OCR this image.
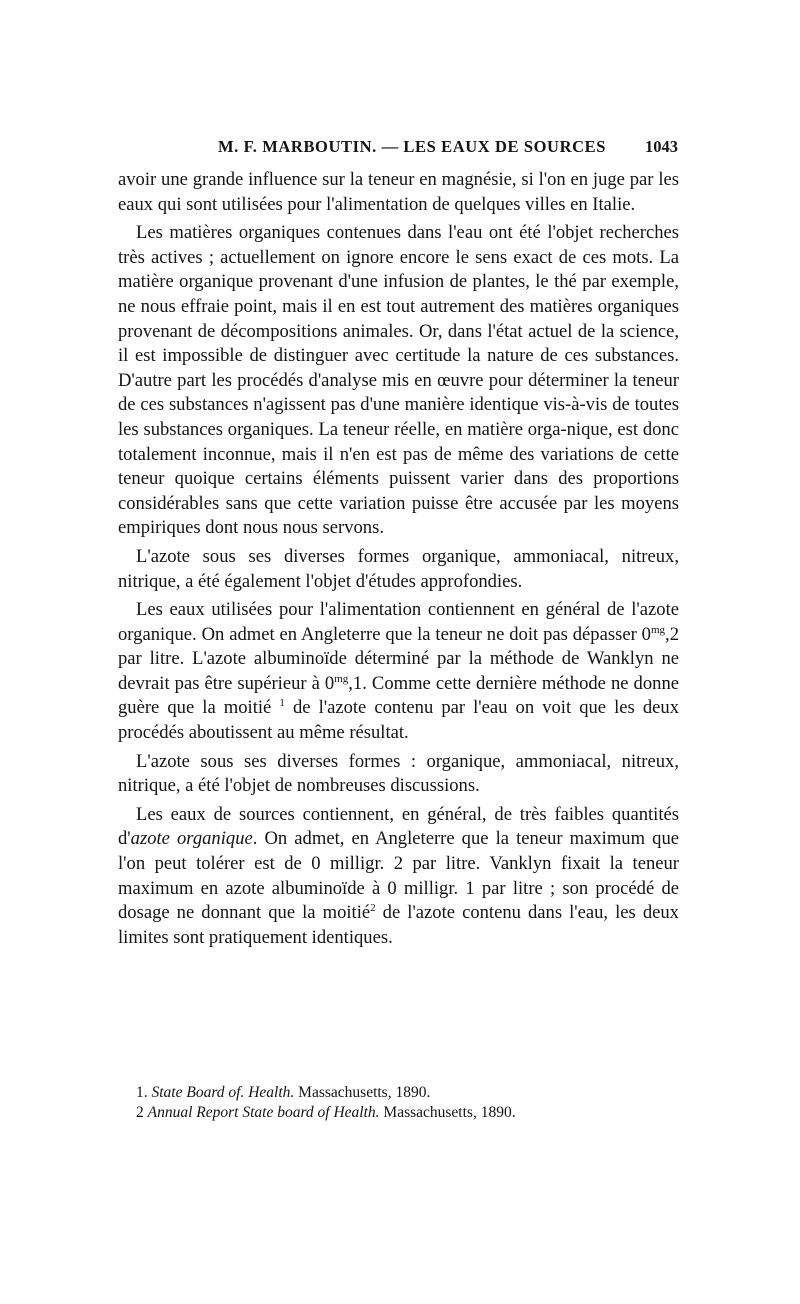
M. F. MARBOUTIN. — LES EAUX DE SOURCES 1043

avoir une grande influence sur la teneur en magnésie, si l'on en juge par les eaux qui sont utilisées pour l'alimentation de quelques villes en Italie.

Les matières organiques contenues dans l'eau ont été l'objet recherches très actives ; actuellement on ignore encore le sens exact de ces mots. La matière organique provenant d'une infusion de plantes, le thé par exemple, ne nous effraie point, mais il en est tout autrement des matières organiques provenant de décompositions animales. Or, dans l'état actuel de la science, il est impossible de distinguer avec certitude la nature de ces substances. D'autre part les procédés d'analyse mis en œuvre pour déterminer la teneur de ces substances n'agissent pas d'une manière identique vis-à-vis de toutes les substances organiques. La teneur réelle, en matière orga-nique, est donc totalement inconnue, mais il n'en est pas de même des variations de cette teneur quoique certains éléments puissent varier dans des proportions considérables sans que cette variation puisse être accusée par les moyens empiriques dont nous nous servons.

L'azote sous ses diverses formes organique, ammoniacal, nitreux, nitrique, a été également l'objet d'études approfondies.

Les eaux utilisées pour l'alimentation contiennent en général de l'azote organique. On admet en Angleterre que la teneur ne doit pas dépasser $0^{mg},2$ par litre. L'azote albuminoïde déterminé par la méthode de Wanklyn ne devrait pas être supérieur à $0^{mg},1$. Comme cette dernière méthode ne donne guère que la moitié $^1$ de l'azote contenu par l'eau on voit que les deux procédés aboutissent au même résultat.

L'azote sous ses diverses formes : organique, ammoniacal, nitreux, nitrique, a été l'objet de nombreuses discussions.

Les eaux de sources contiennent, en général, de très faibles quantités d'azote organique. On admet, en Angleterre que la teneur maximum que l'on peut tolérer est de 0 milligr. 2 par litre. Vanklyn fixait la teneur maximum en azote albuminoïde à 0 milligr. 1 par litre ; son procédé de dosage ne donnant que la moitié$^2$ de l'azote contenu dans l'eau, les deux limites sont pratiquement identiques.

1. State Board of. Health. Massachusetts, 1890.

2 Annual Report State board of Health. Massachusetts, 1890.
